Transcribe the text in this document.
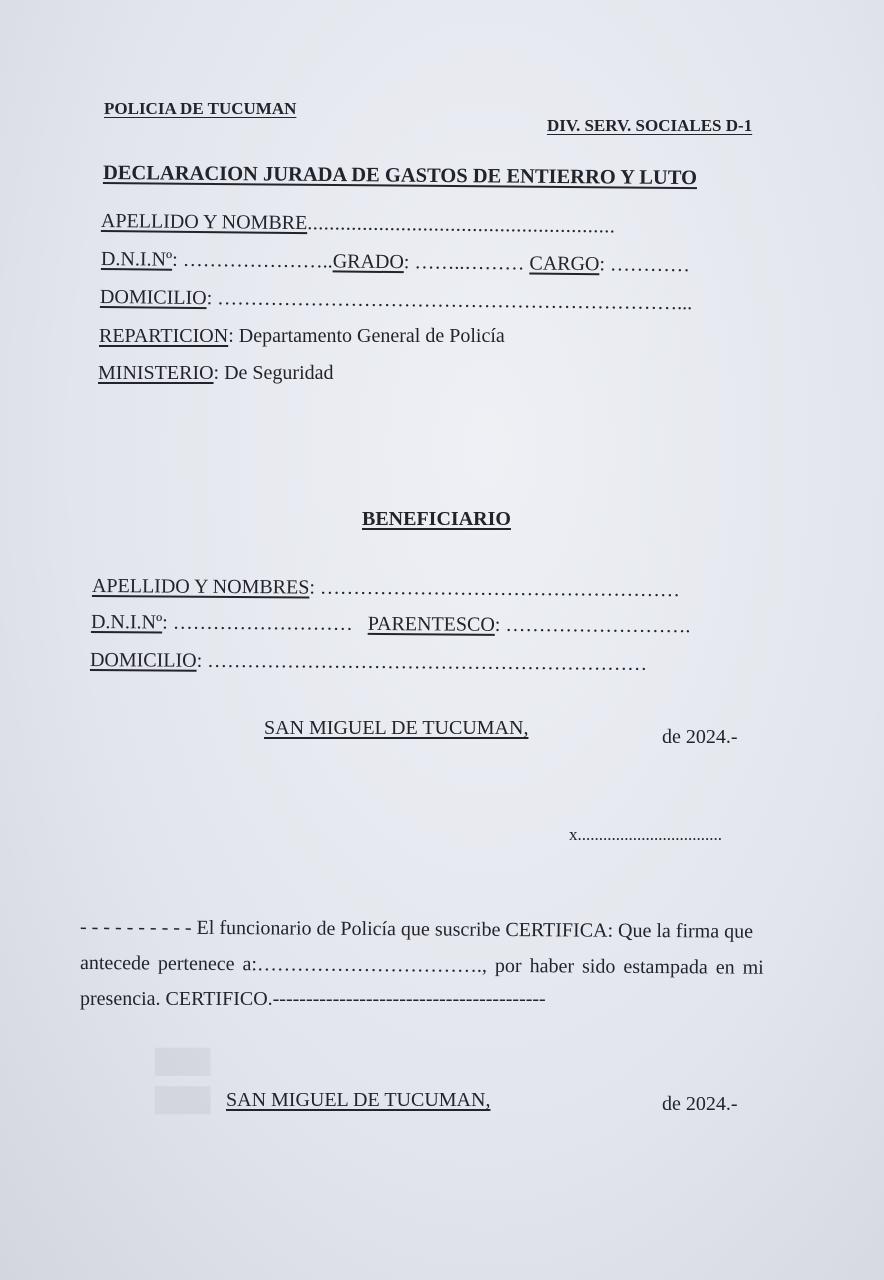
▮▮
POLICIA DE TUCUMAN
DIV. SERV. SOCIALES D-1
DECLARACION JURADA DE GASTOS DE ENTIERRO Y LUTO
APELLIDO Y NOMBRE........................................................
D.N.I.Nº: …………………..GRADO: ……..……… CARGO: …………
DOMICILIO: ……………………………………………………………...
REPARTICION: Departamento General de Policía
MINISTERIO: De Seguridad
BENEFICIARIO
APELLIDO Y NOMBRES: ………………………………………………
D.N.I.Nº: ……………………… PARENTESCO: ……………………….
DOMICILIO: …………………………………………………………
SAN MIGUEL DE TUCUMAN,	de 2024.-
x..................................
- - - - - - - - - - El funcionario de Policía que suscribe CERTIFICA: Que la firma que
antecede pertenece a:……………………………., por haber sido estampada en mi
presencia. CERTIFICO.-----------------------------------------
SAN MIGUEL DE TUCUMAN,	de 2024.-
